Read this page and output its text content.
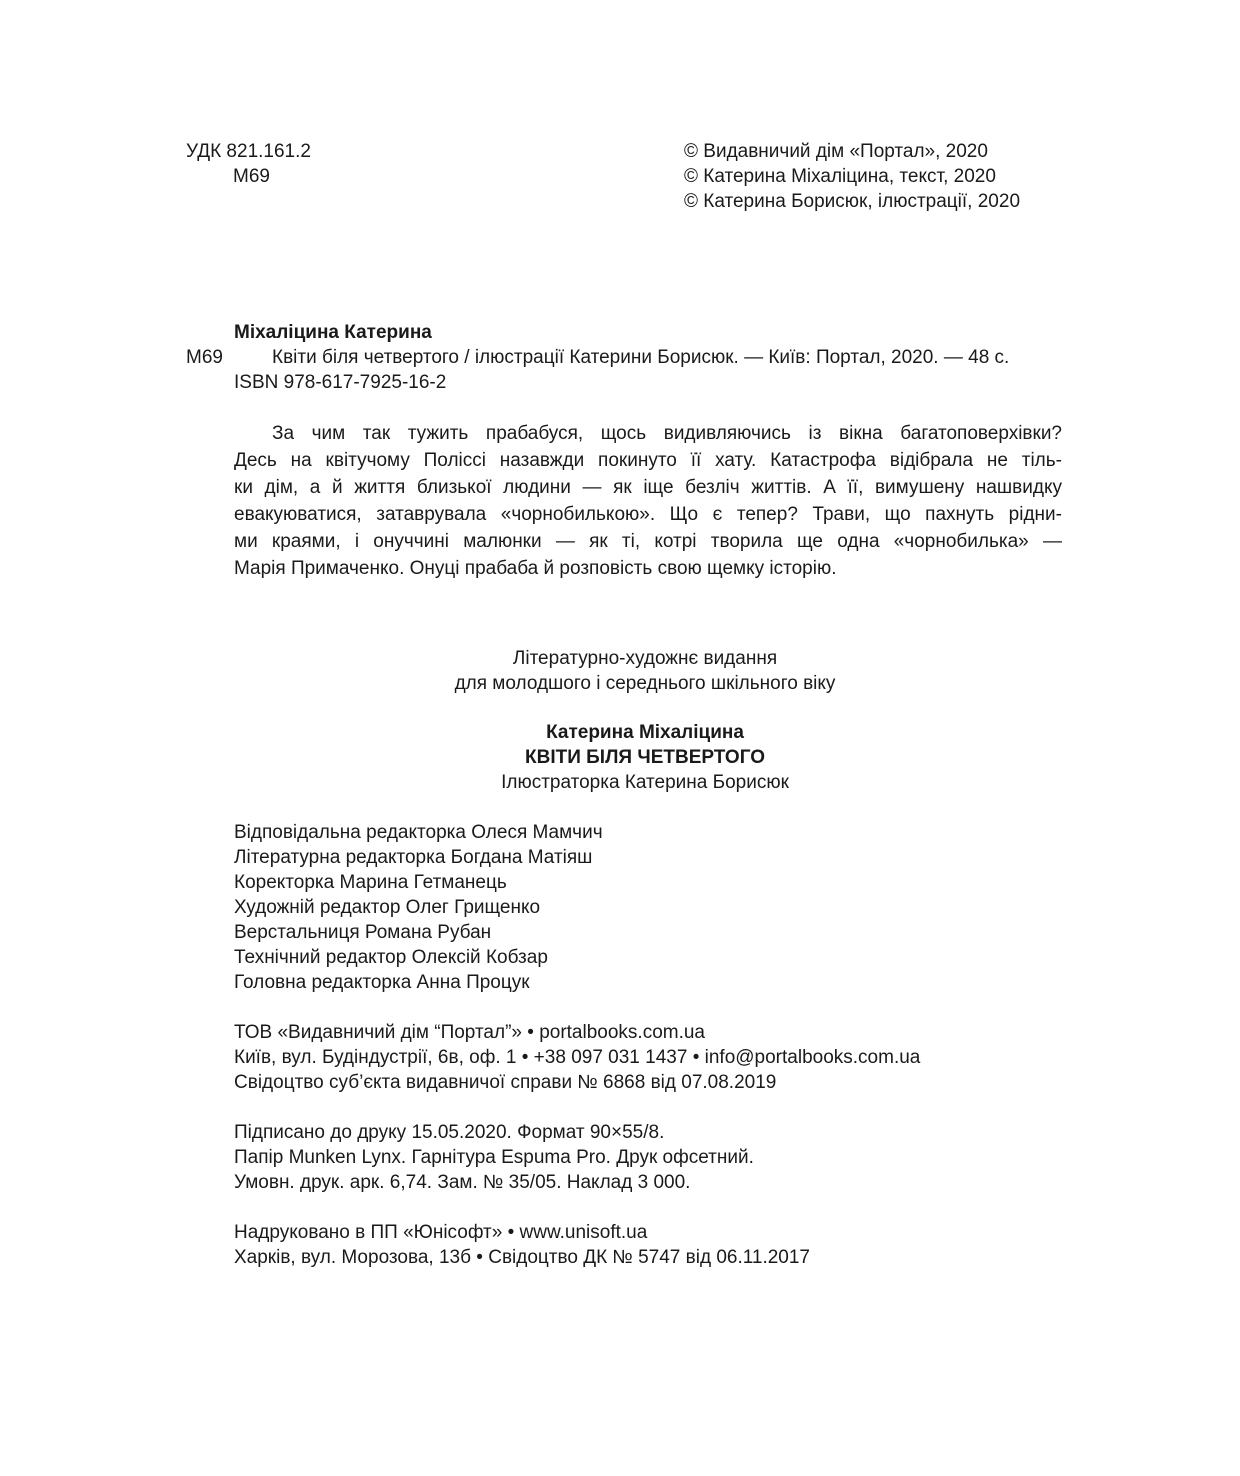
УДК 821.161.2
М69
© Видавничий дім «Портал», 2020
© Катерина Міхаліцина, текст, 2020
© Катерина Борисюк, ілюстрації, 2020
Міхаліцина Катерина
М69	Квіти біля четвертого / ілюстрації Катерини Борисюк. — Київ: Портал, 2020. — 48 с.
ISBN 978-617-7925-16-2
За чим так тужить прабабуся, щось видивляючись із вікна багатоповерхівки?
Десь на квітучому Поліссі назавжди покинуто її хату. Катастрофа відібрала не тіль-
ки дім, а й життя близької людини — як іще безліч життів. А її, вимушену нашвидку
евакуюватися, затаврувала «чорнобилькою». Що є тепер? Трави, що пахнуть рідни-
ми краями, і онуччині малюнки — як ті, котрі творила ще одна «чорнобилька» —
Марія Примаченко. Онуці прабаба й розповість свою щемку історію.
Літературно-художнє видання
для молодшого і середнього шкільного віку
Катерина Міхаліцина
КВІТИ БІЛЯ ЧЕТВЕРТОГО
Ілюстраторка Катерина Борисюк
Відповідальна редакторка Олеся Мамчич
Літературна редакторка Богдана Матіяш
Коректорка Марина Гетманець
Художній редактор Олег Грищенко
Верстальниця Романа Рубан
Технічний редактор Олексій Кобзар
Головна редакторка Анна Процук
ТОВ «Видавничий дім “Портал”» • portalbooks.com.ua
Київ, вул. Будіндустрії, 6в, оф. 1 • +38 097 031 1437 • info@portalbooks.com.ua
Свідоцтво суб’єкта видавничої справи № 6868 від 07.08.2019
Підписано до друку 15.05.2020. Формат 90×55/8.
Папір Munken Lynx. Гарнітура Espuma Pro. Друк офсетний.
Умовн. друк. арк. 6,74. Зам. № 35/05. Наклад 3 000.
Надруковано в ПП «Юнісофт» • www.unisoft.ua
Харків, вул. Морозова, 13б • Свідоцтво ДК № 5747 від 06.11.2017
